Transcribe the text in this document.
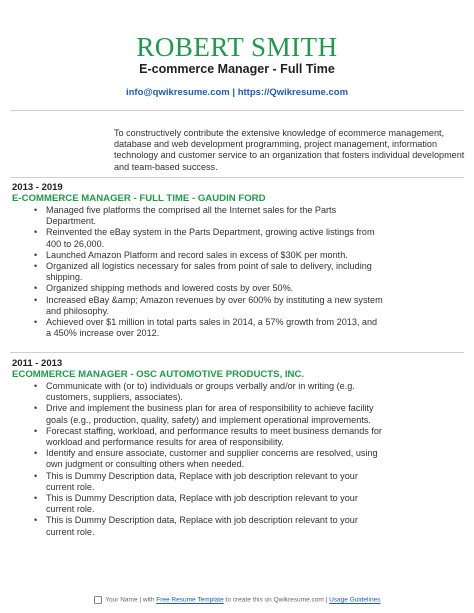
ROBERT SMITH
E-commerce Manager - Full Time
info@qwikresume.com | https://Qwikresume.com
To constructively contribute the extensive knowledge of ecommerce management, database and web development programming, project management, information technology and customer service to an organization that fosters individual development and team-based success.
2013 - 2019
E-COMMERCE MANAGER - FULL TIME - GAUDIN FORD
• Managed five platforms the comprised all the Internet sales for the Parts Department.
• Reinvented the eBay system in the Parts Department, growing active listings from 400 to 26,000.
• Launched Amazon Platform and record sales in excess of $30K per month.
• Organized all logistics necessary for sales from point of sale to delivery, including shipping.
• Organized shipping methods and lowered costs by over 50%.
• Increased eBay &amp; Amazon revenues by over 600% by instituting a new system and philosophy.
• Achieved over $1 million in total parts sales in 2014, a 57% growth from 2013, and a 450% increase over 2012.
2011 - 2013
ECOMMERCE MANAGER - OSC AUTOMOTIVE PRODUCTS, INC.
• Communicate with (or to) individuals or groups verbally and/or in writing (e.g. customers, suppliers, associates).
• Drive and implement the business plan for area of responsibility to achieve facility goals (e.g., production, quality, safety) and implement operational improvements.
• Forecast staffing, workload, and performance results to meet business demands for workload and performance results for area of responsibility.
• Identify and ensure associate, customer and supplier concerns are resolved, using own judgment or consulting others when needed.
• This is Dummy Description data, Replace with job description relevant to your current role.
• This is Dummy Description data, Replace with job description relevant to your current role.
• This is Dummy Description data, Replace with job description relevant to your current role.
Your Name | with Free Resume Template to create this on Qwikresume.com | Usage Guidelines
